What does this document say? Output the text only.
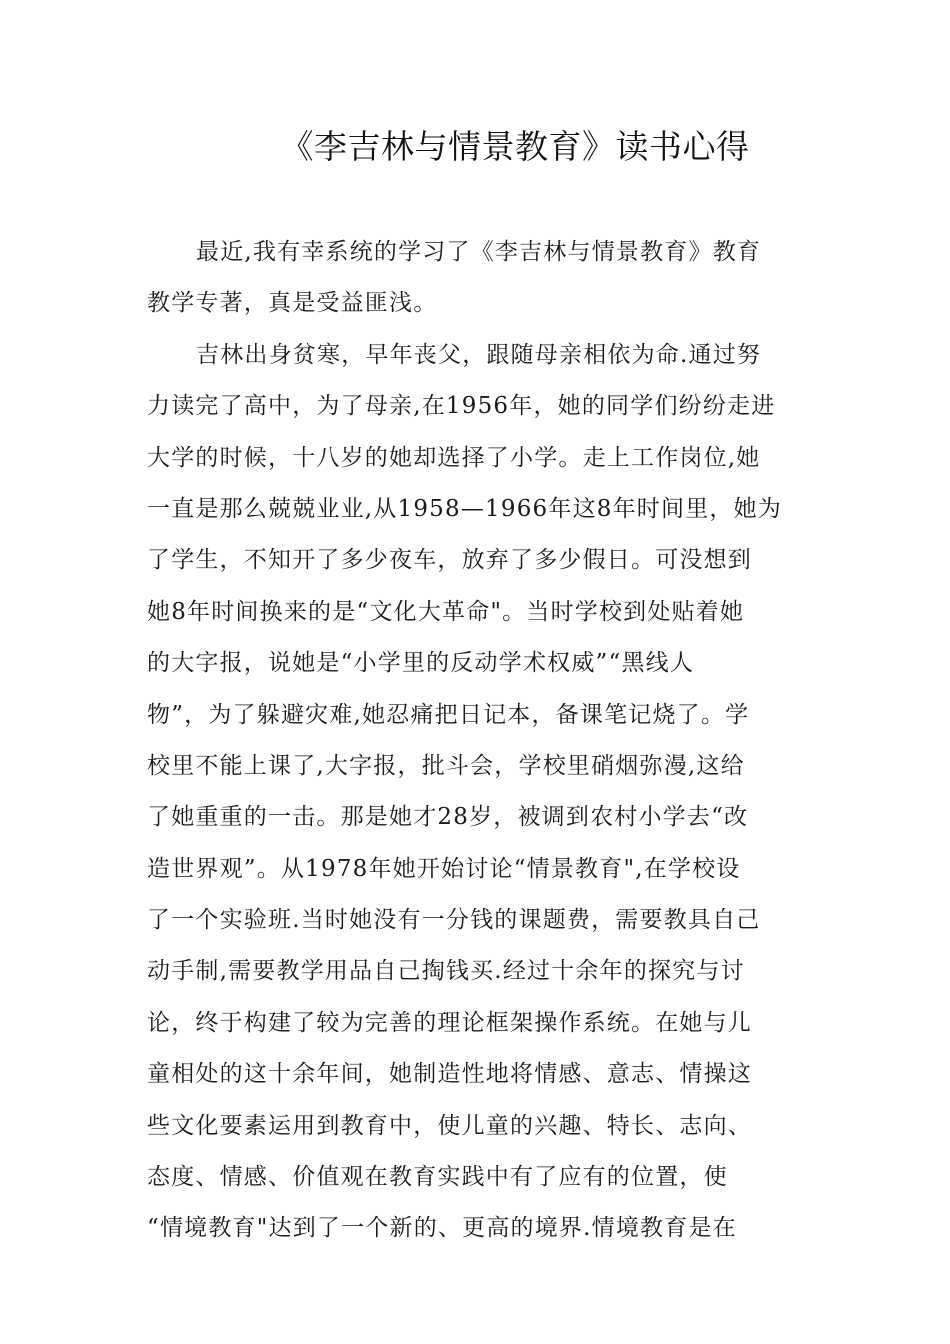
《李吉林与情景教育》读书心得
最近,我有幸系统的学习了《李吉林与情景教育》教育
教学专著，真是受益匪浅。
吉林出身贫寒，早年丧父，跟随母亲相依为命.通过努
力读完了高中，为了母亲,在1956年，她的同学们纷纷走进
大学的时候，十八岁的她却选择了小学。走上工作岗位,她
一直是那么兢兢业业,从1958—1966年这8年时间里，她为
了学生，不知开了多少夜车，放弃了多少假日。可没想到
她8年时间换来的是“文化大革命"。当时学校到处贴着她
的大字报，说她是“小学里的反动学术权威”“黑线人
物”，为了躲避灾难,她忍痛把日记本，备课笔记烧了。学
校里不能上课了,大字报，批斗会，学校里硝烟弥漫,这给
了她重重的一击。那是她才28岁，被调到农村小学去“改
造世界观”。从1978年她开始讨论“情景教育",在学校设
了一个实验班.当时她没有一分钱的课题费，需要教具自己
动手制,需要教学用品自己掏钱买.经过十余年的探究与讨
论，终于构建了较为完善的理论框架操作系统。在她与儿
童相处的这十余年间，她制造性地将情感、意志、情操这
些文化要素运用到教育中，使儿童的兴趣、特长、志向、
态度、情感、价值观在教育实践中有了应有的位置，使
“情境教育"达到了一个新的、更高的境界.情境教育是在
